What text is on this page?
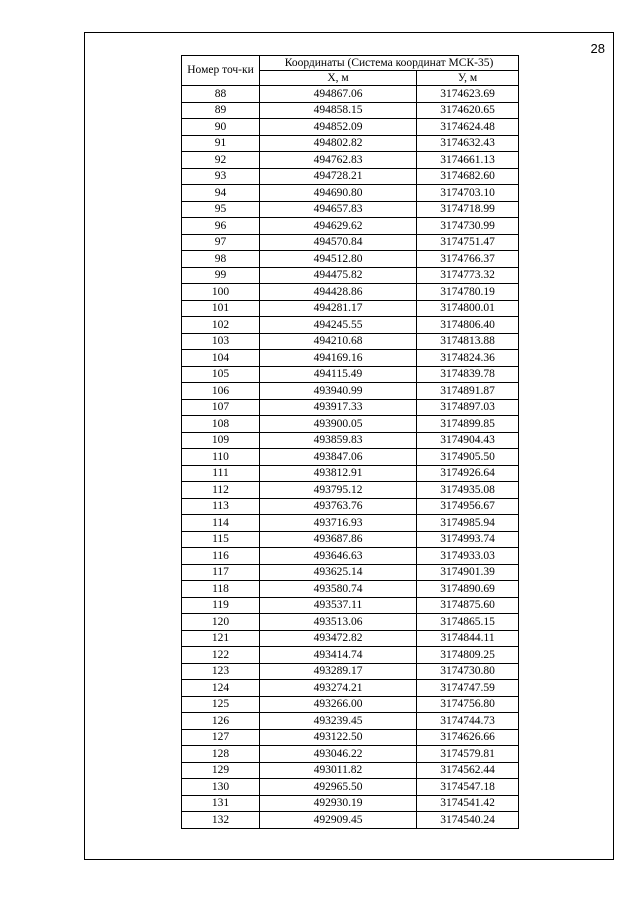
28
Номер точ-ки	Координаты (Система координат МСК-35)	
	X, м	У, м
88	494867.06	3174623.69
89	494858.15	3174620.65
90	494852.09	3174624.48
91	494802.82	3174632.43
92	494762.83	3174661.13
93	494728.21	3174682.60
94	494690.80	3174703.10
95	494657.83	3174718.99
96	494629.62	3174730.99
97	494570.84	3174751.47
98	494512.80	3174766.37
99	494475.82	3174773.32
100	494428.86	3174780.19
101	494281.17	3174800.01
102	494245.55	3174806.40
103	494210.68	3174813.88
104	494169.16	3174824.36
105	494115.49	3174839.78
106	493940.99	3174891.87
107	493917.33	3174897.03
108	493900.05	3174899.85
109	493859.83	3174904.43
110	493847.06	3174905.50
111	493812.91	3174926.64
112	493795.12	3174935.08
113	493763.76	3174956.67
114	493716.93	3174985.94
115	493687.86	3174993.74
116	493646.63	3174933.03
117	493625.14	3174901.39
118	493580.74	3174890.69
119	493537.11	3174875.60
120	493513.06	3174865.15
121	493472.82	3174844.11
122	493414.74	3174809.25
123	493289.17	3174730.80
124	493274.21	3174747.59
125	493266.00	3174756.80
126	493239.45	3174744.73
127	493122.50	3174626.66
128	493046.22	3174579.81
129	493011.82	3174562.44
130	492965.50	3174547.18
131	492930.19	3174541.42
132	492909.45	3174540.24
